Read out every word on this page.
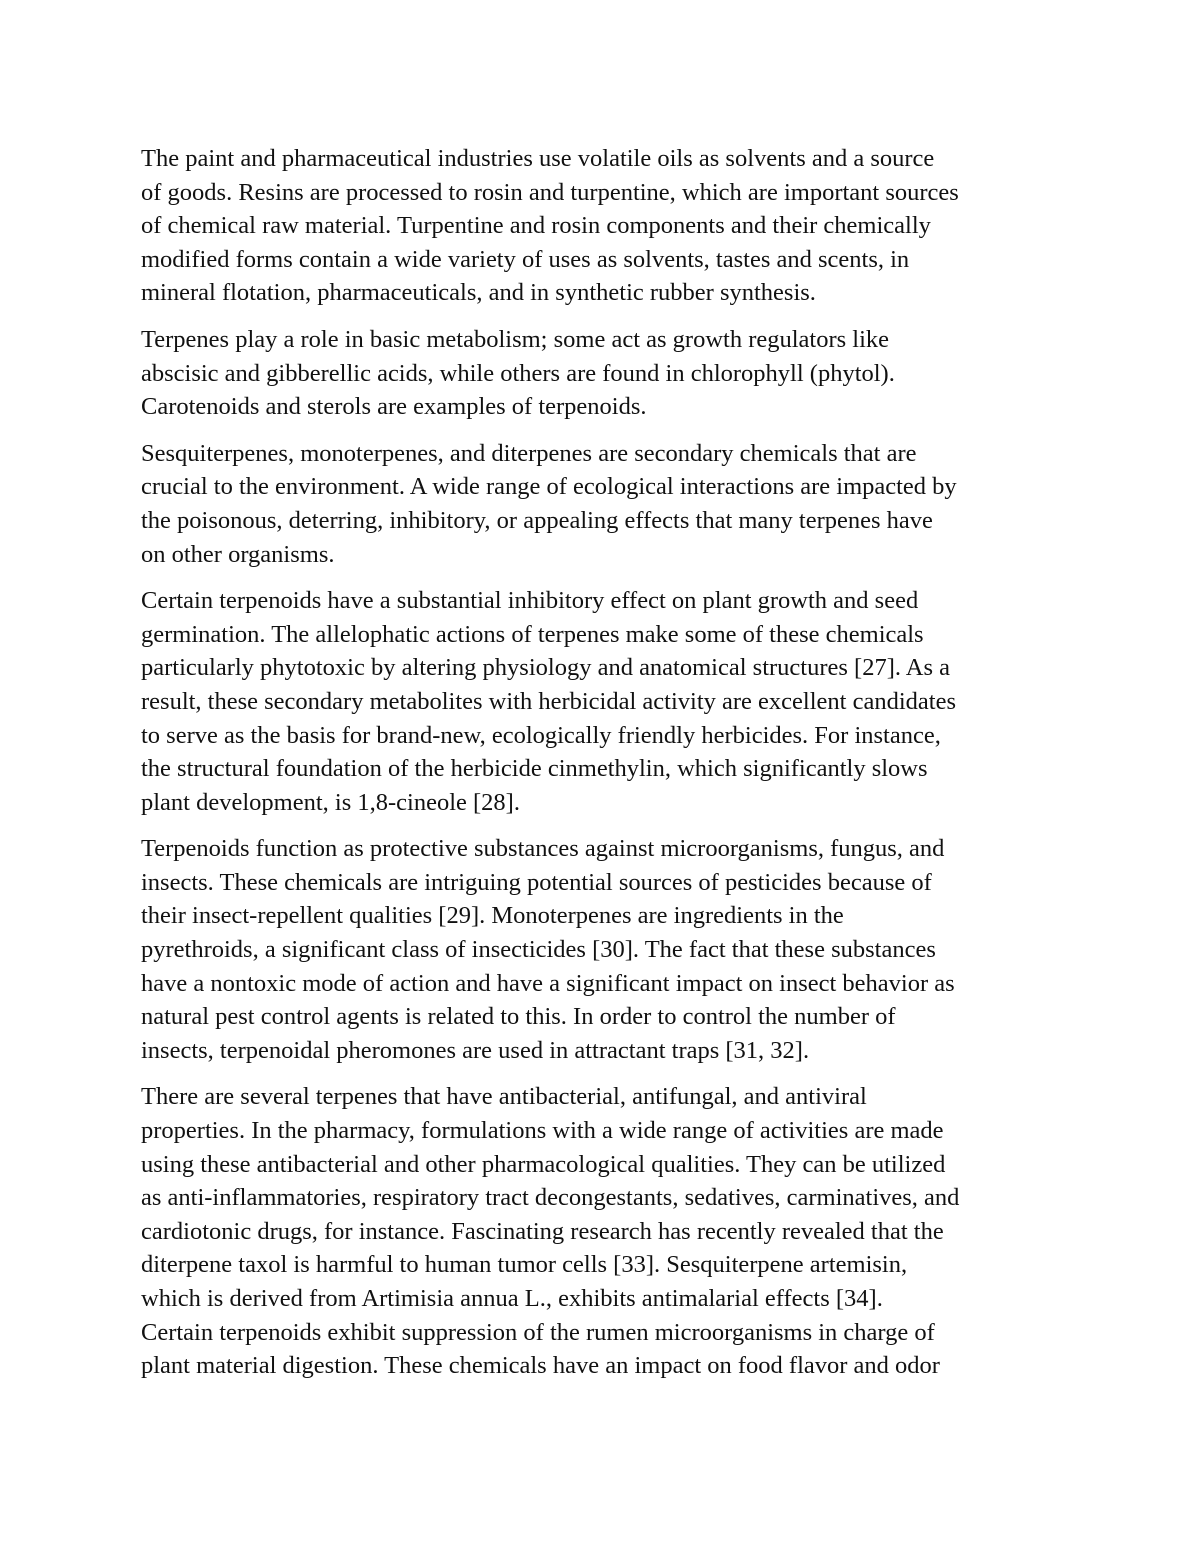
The paint and pharmaceutical industries use volatile oils as solvents and a source
of goods. Resins are processed to rosin and turpentine, which are important sources
of chemical raw material. Turpentine and rosin components and their chemically
modified forms contain a wide variety of uses as solvents, tastes and scents, in
mineral flotation, pharmaceuticals, and in synthetic rubber synthesis.

Terpenes play a role in basic metabolism; some act as growth regulators like
abscisic and gibberellic acids, while others are found in chlorophyll (phytol).
Carotenoids and sterols are examples of terpenoids.

Sesquiterpenes, monoterpenes, and diterpenes are secondary chemicals that are
crucial to the environment. A wide range of ecological interactions are impacted by
the poisonous, deterring, inhibitory, or appealing effects that many terpenes have
on other organisms.

Certain terpenoids have a substantial inhibitory effect on plant growth and seed
germination. The allelophatic actions of terpenes make some of these chemicals
particularly phytotoxic by altering physiology and anatomical structures [27]. As a
result, these secondary metabolites with herbicidal activity are excellent candidates
to serve as the basis for brand-new, ecologically friendly herbicides. For instance,
the structural foundation of the herbicide cinmethylin, which significantly slows
plant development, is 1,8-cineole [28].

Terpenoids function as protective substances against microorganisms, fungus, and
insects. These chemicals are intriguing potential sources of pesticides because of
their insect-repellent qualities [29]. Monoterpenes are ingredients in the
pyrethroids, a significant class of insecticides [30]. The fact that these substances
have a nontoxic mode of action and have a significant impact on insect behavior as
natural pest control agents is related to this. In order to control the number of
insects, terpenoidal pheromones are used in attractant traps [31, 32].

There are several terpenes that have antibacterial, antifungal, and antiviral
properties. In the pharmacy, formulations with a wide range of activities are made
using these antibacterial and other pharmacological qualities. They can be utilized
as anti-inflammatories, respiratory tract decongestants, sedatives, carminatives, and
cardiotonic drugs, for instance. Fascinating research has recently revealed that the
diterpene taxol is harmful to human tumor cells [33]. Sesquiterpene artemisin,
which is derived from Artimisia annua L., exhibits antimalarial effects [34].
Certain terpenoids exhibit suppression of the rumen microorganisms in charge of
plant material digestion. These chemicals have an impact on food flavor and odor
